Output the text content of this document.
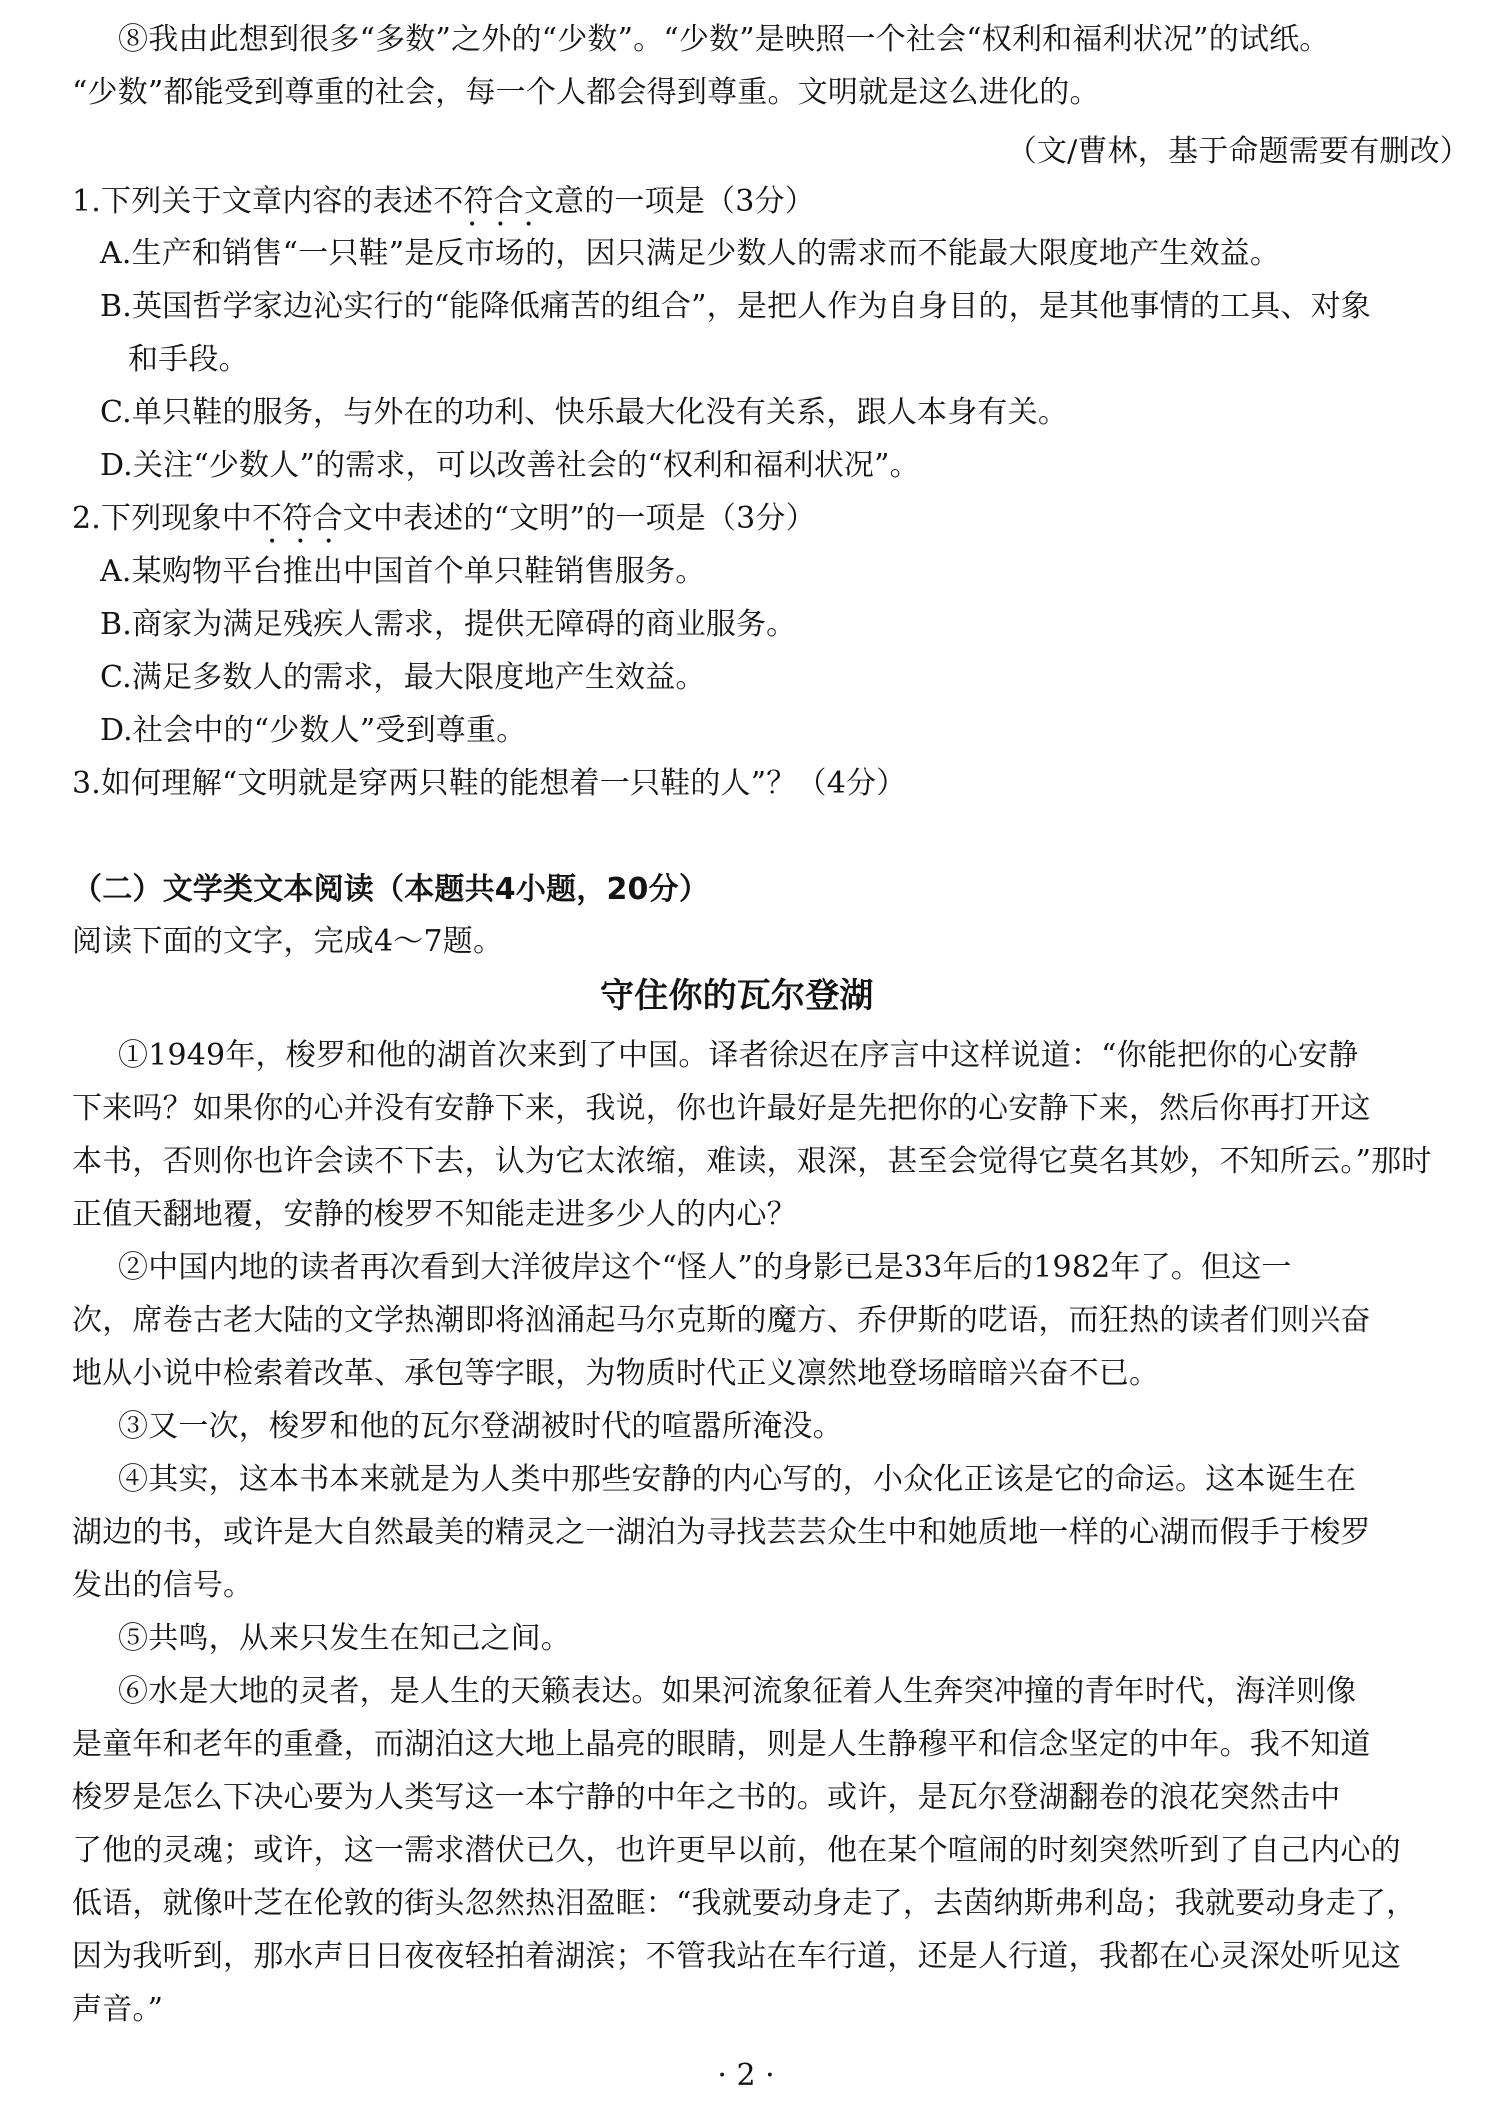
⑧我由此想到很多“多数”之外的“少数”。“少数”是映照一个社会“权利和福利状况”的试纸。
“少数”都能受到尊重的社会，每一个人都会得到尊重。文明就是这么进化的。
（文/曹林，基于命题需要有删改）
1.下列关于文章内容的表述不符合文意的一项是（3分）
•••
A.生产和销售“一只鞋”是反市场的，因只满足少数人的需求而不能最大限度地产生效益。
B.英国哲学家边沁实行的“能降低痛苦的组合”，是把人作为自身目的，是其他事情的工具、对象
和手段。
C.单只鞋的服务，与外在的功利、快乐最大化没有关系，跟人本身有关。
D.关注“少数人”的需求，可以改善社会的“权利和福利状况”。
2.下列现象中不符合文中表述的“文明”的一项是（3分）
•••
A.某购物平台推出中国首个单只鞋销售服务。
B.商家为满足残疾人需求，提供无障碍的商业服务。
C.满足多数人的需求，最大限度地产生效益。
D.社会中的“少数人”受到尊重。
3.如何理解“文明就是穿两只鞋的能想着一只鞋的人”？（4分）
（二）文学类文本阅读（本题共4小题，20分）
阅读下面的文字，完成4～7题。
守住你的瓦尔登湖
①1949年，梭罗和他的湖首次来到了中国。译者徐迟在序言中这样说道：“你能把你的心安静
下来吗？如果你的心并没有安静下来，我说，你也许最好是先把你的心安静下来，然后你再打开这
本书，否则你也许会读不下去，认为它太浓缩，难读，艰深，甚至会觉得它莫名其妙，不知所云。”那时
正值天翻地覆，安静的梭罗不知能走进多少人的内心？
②中国内地的读者再次看到大洋彼岸这个“怪人”的身影已是33年后的1982年了。但这一
次，席卷古老大陆的文学热潮即将汹涌起马尔克斯的魔方、乔伊斯的呓语，而狂热的读者们则兴奋
地从小说中检索着改革、承包等字眼，为物质时代正义凛然地登场暗暗兴奋不已。
③又一次，梭罗和他的瓦尔登湖被时代的喧嚣所淹没。
④其实，这本书本来就是为人类中那些安静的内心写的，小众化正该是它的命运。这本诞生在
湖边的书，或许是大自然最美的精灵之一湖泊为寻找芸芸众生中和她质地一样的心湖而假手于梭罗
发出的信号。
⑤共鸣，从来只发生在知己之间。
⑥水是大地的灵者，是人生的天籁表达。如果河流象征着人生奔突冲撞的青年时代，海洋则像
是童年和老年的重叠，而湖泊这大地上晶亮的眼睛，则是人生静穆平和信念坚定的中年。我不知道
梭罗是怎么下决心要为人类写这一本宁静的中年之书的。或许，是瓦尔登湖翻卷的浪花突然击中
了他的灵魂；或许，这一需求潜伏已久，也许更早以前，他在某个喧闹的时刻突然听到了自己内心的
低语，就像叶芝在伦敦的街头忽然热泪盈眶：“我就要动身走了，去茵纳斯弗利岛；我就要动身走了，
因为我听到，那水声日日夜夜轻拍着湖滨；不管我站在车行道，还是人行道，我都在心灵深处听见这
声音。”
· 2 ·
